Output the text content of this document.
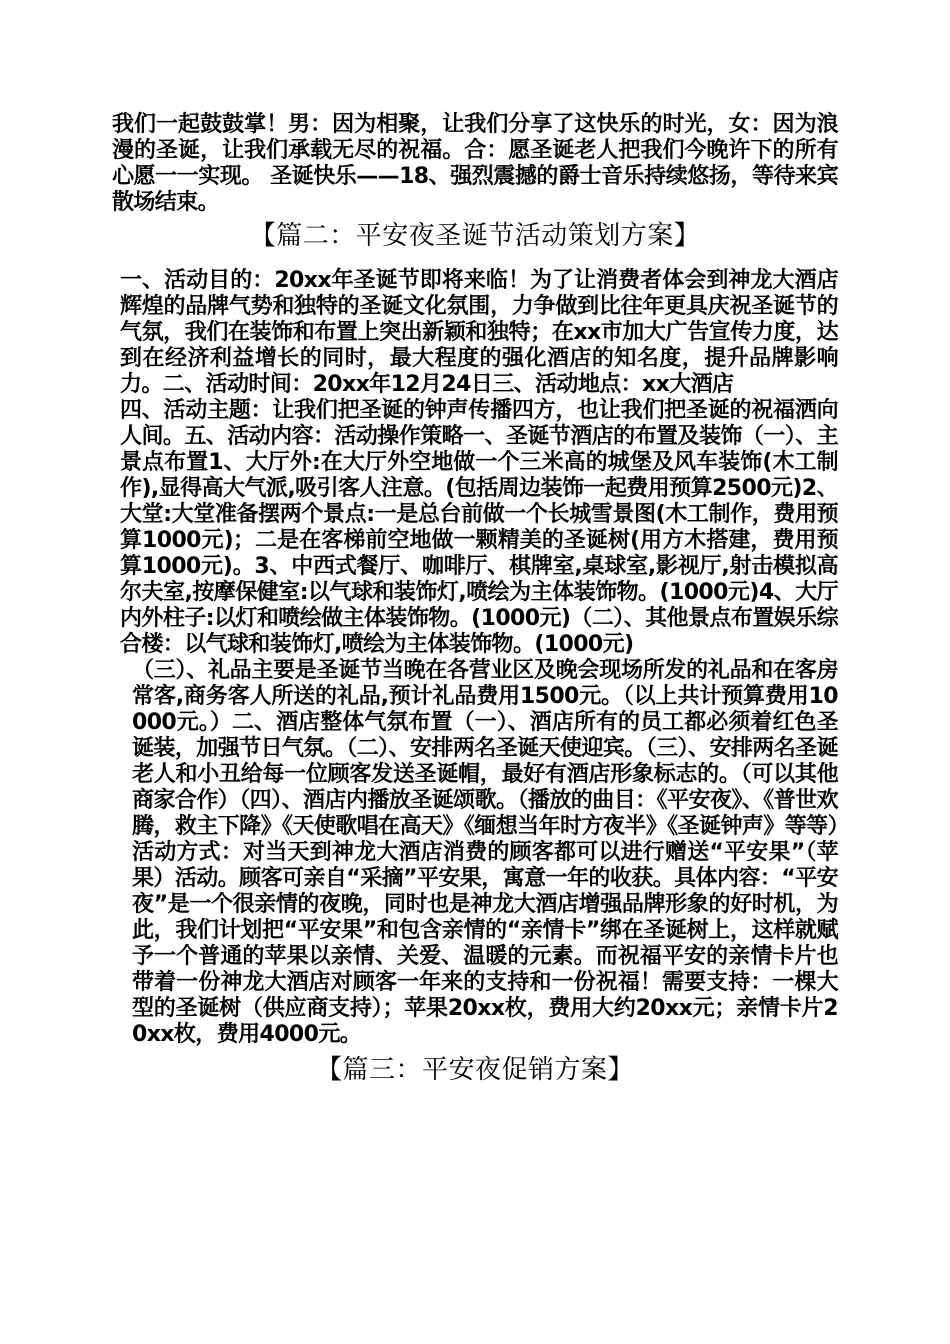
我们一起鼓鼓掌！男：因为相聚，让我们分享了这快乐的时光，女：因为浪漫的圣诞，让我们承载无尽的祝福。合：愿圣诞老人把我们今晚许下的所有心愿一一实现。 圣诞快乐——18、强烈震撼的爵士音乐持续悠扬，等待来宾散场结束。

【篇二：平安夜圣诞节活动策划方案】

一、活动目的：20xx年圣诞节即将来临！为了让消费者体会到神龙大酒店辉煌的品牌气势和独特的圣诞文化氛围，力争做到比往年更具庆祝圣诞节的气氛，我们在装饰和布置上突出新颖和独特；在xx市加大广告宣传力度，达到在经济利益增长的同时，最大程度的强化酒店的知名度，提升品牌影响力。二、活动时间：20xx年12月24日三、活动地点：xx大酒店

四、活动主题：让我们把圣诞的钟声传播四方，也让我们把圣诞的祝福洒向人间。五、活动内容：活动操作策略一、圣诞节酒店的布置及装饰（一）、主景点布置1、大厅外:在大厅外空地做一个三米高的城堡及风车装饰(木工制作),显得高大气派,吸引客人注意。(包括周边装饰一起费用预算2500元)2、大堂:大堂准备摆两个景点:一是总台前做一个长城雪景图(木工制作，费用预算1000元)；二是在客梯前空地做一颗精美的圣诞树(用方木搭建，费用预算1000元)。3、中西式餐厅、咖啡厅、棋牌室,桌球室,影视厅,射击模拟高尔夫室,按摩保健室:以气球和装饰灯,喷绘为主体装饰物。(1000元)4、大厅内外柱子:以灯和喷绘做主体装饰物。(1000元)（二）、其他景点布置娱乐综合楼：以气球和装饰灯,喷绘为主体装饰物。(1000元)

（三）、礼品主要是圣诞节当晚在各营业区及晚会现场所发的礼品和在客房常客,商务客人所送的礼品,预计礼品费用1500元。（以上共计预算费用10000元。）二、酒店整体气氛布置（一）、酒店所有的员工都必须着红色圣诞装，加强节日气氛。（二）、安排两名圣诞天使迎宾。（三）、安排两名圣诞老人和小丑给每一位顾客发送圣诞帽，最好有酒店形象标志的。（可以其他商家合作）（四）、酒店内播放圣诞颂歌。（播放的曲目：《平安夜》、《普世欢腾，救主下降》《天使歌唱在高天》《缅想当年时方夜半》《圣诞钟声》等等）活动方式：对当天到神龙大酒店消费的顾客都可以进行赠送“平安果”（苹果）活动。顾客可亲自“采摘”平安果，寓意一年的收获。具体内容：“平安夜”是一个很亲情的夜晚，同时也是神龙大酒店增强品牌形象的好时机，为此，我们计划把“平安果”和包含亲情的“亲情卡”绑在圣诞树上，这样就赋予一个普通的苹果以亲情、关爱、温暖的元素。而祝福平安的亲情卡片也带着一份神龙大酒店对顾客一年来的支持和一份祝福！需要支持：一棵大型的圣诞树（供应商支持）；苹果20xx枚，费用大约20xx元；亲情卡片20xx枚，费用4000元。

【篇三：平安夜促销方案】
